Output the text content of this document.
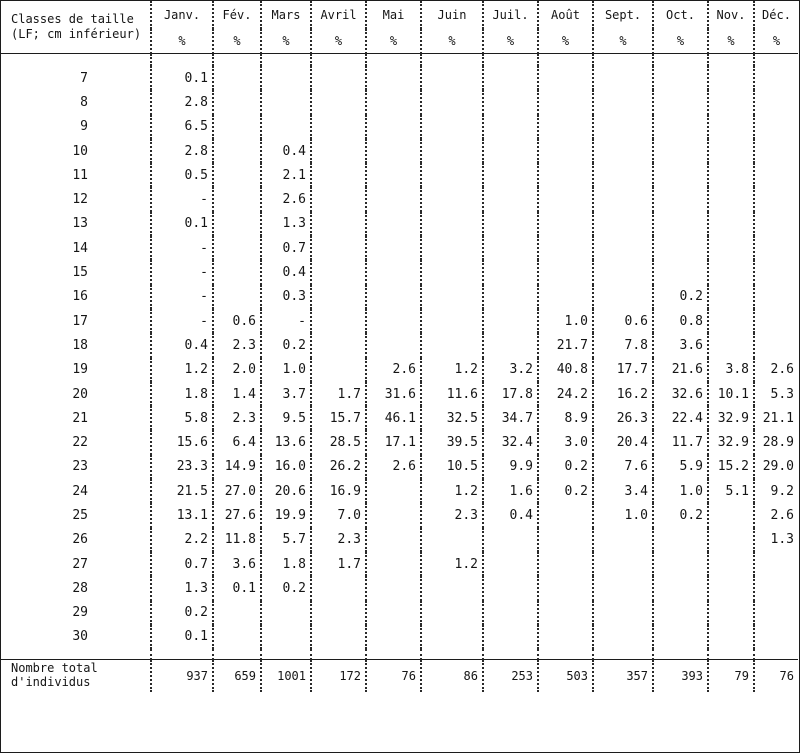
Classes de taille (LF; cm inférieur)	Janv.	Fév.	Mars	Avril	Mai	Juin	Juil.	Août	Sept.	Oct.	Nov.	Déc.
	%	%	%	%	%	%	%	%	%	%	%	%

7	0.1											
8	2.8											
9	6.5											
10	2.8		0.4									
11	0.5		2.1									
12	-		2.6									
13	0.1		1.3									
14	-		0.7									
15	-		0.4									
16	-		0.3							0.2		
17	-	0.6	-					1.0	0.6	0.8		
18	0.4	2.3	0.2					21.7	7.8	3.6		
19	1.2	2.0	1.0		2.6	1.2	3.2	40.8	17.7	21.6	3.8	2.6
20	1.8	1.4	3.7	1.7	31.6	11.6	17.8	24.2	16.2	32.6	10.1	5.3
21	5.8	2.3	9.5	15.7	46.1	32.5	34.7	8.9	26.3	22.4	32.9	21.1
22	15.6	6.4	13.6	28.5	17.1	39.5	32.4	3.0	20.4	11.7	32.9	28.9
23	23.3	14.9	16.0	26.2	2.6	10.5	9.9	0.2	7.6	5.9	15.2	29.0
24	21.5	27.0	20.6	16.9		1.2	1.6	0.2	3.4	1.0	5.1	9.2
25	13.1	27.6	19.9	7.0		2.3	0.4		1.0	0.2		2.6
26	2.2	11.8	5.7	2.3								1.3
27	0.7	3.6	1.8	1.7		1.2						
28	1.3	0.1	0.2									
29	0.2											
30	0.1											

Nombre total d'individus	937	659	1001	172	76	86	253	503	357	393	79	76
